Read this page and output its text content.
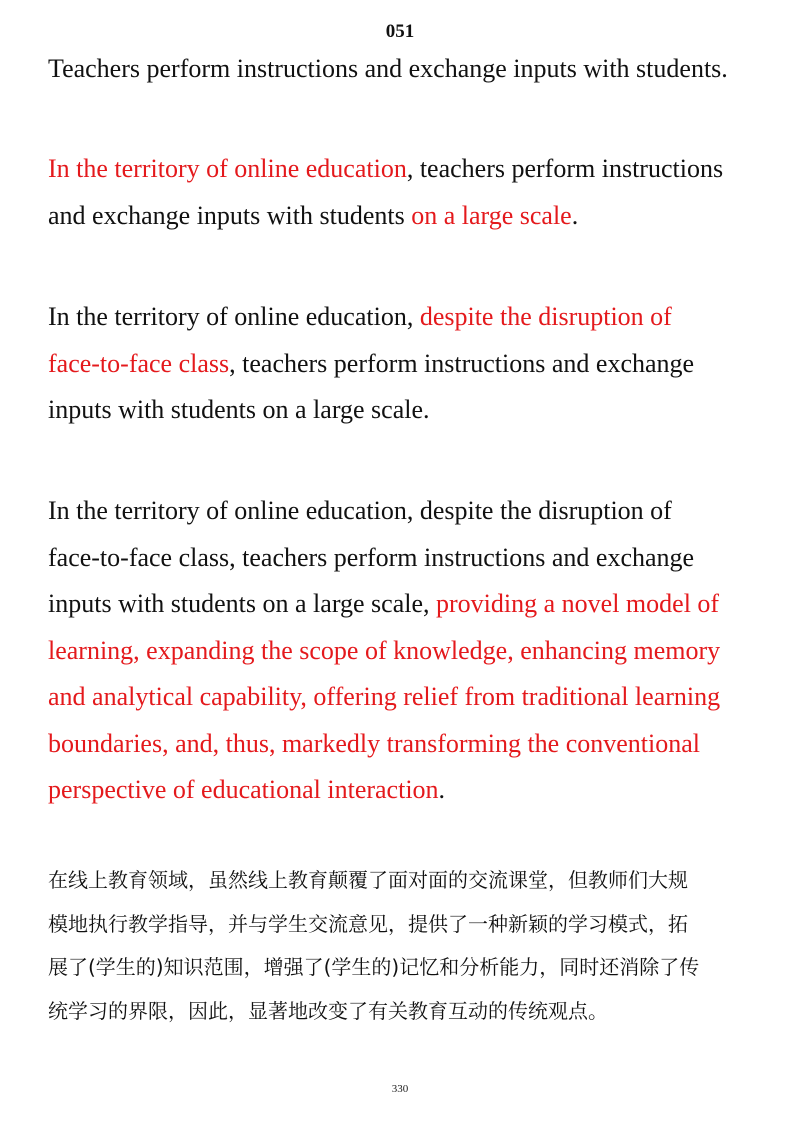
051

Teachers perform instructions and exchange inputs with students.

In the territory of online education, teachers perform instructions
and exchange inputs with students on a large scale.

In the territory of online education, despite the disruption of
face-to-face class, teachers perform instructions and exchange
inputs with students on a large scale.

In the territory of online education, despite the disruption of
face-to-face class, teachers perform instructions and exchange
inputs with students on a large scale, providing a novel model of
learning, expanding the scope of knowledge, enhancing memory
and analytical capability, offering relief from traditional learning
boundaries, and, thus, markedly transforming the conventional
perspective of educational interaction.

在线上教育领域，虽然线上教育颠覆了面对面的交流课堂，但教师们大规
模地执行教学指导，并与学生交流意见，提供了一种新颖的学习模式，拓
展了(学生的)知识范围，增强了(学生的)记忆和分析能力，同时还消除了传
统学习的界限，因此，显著地改变了有关教育互动的传统观点。

330
